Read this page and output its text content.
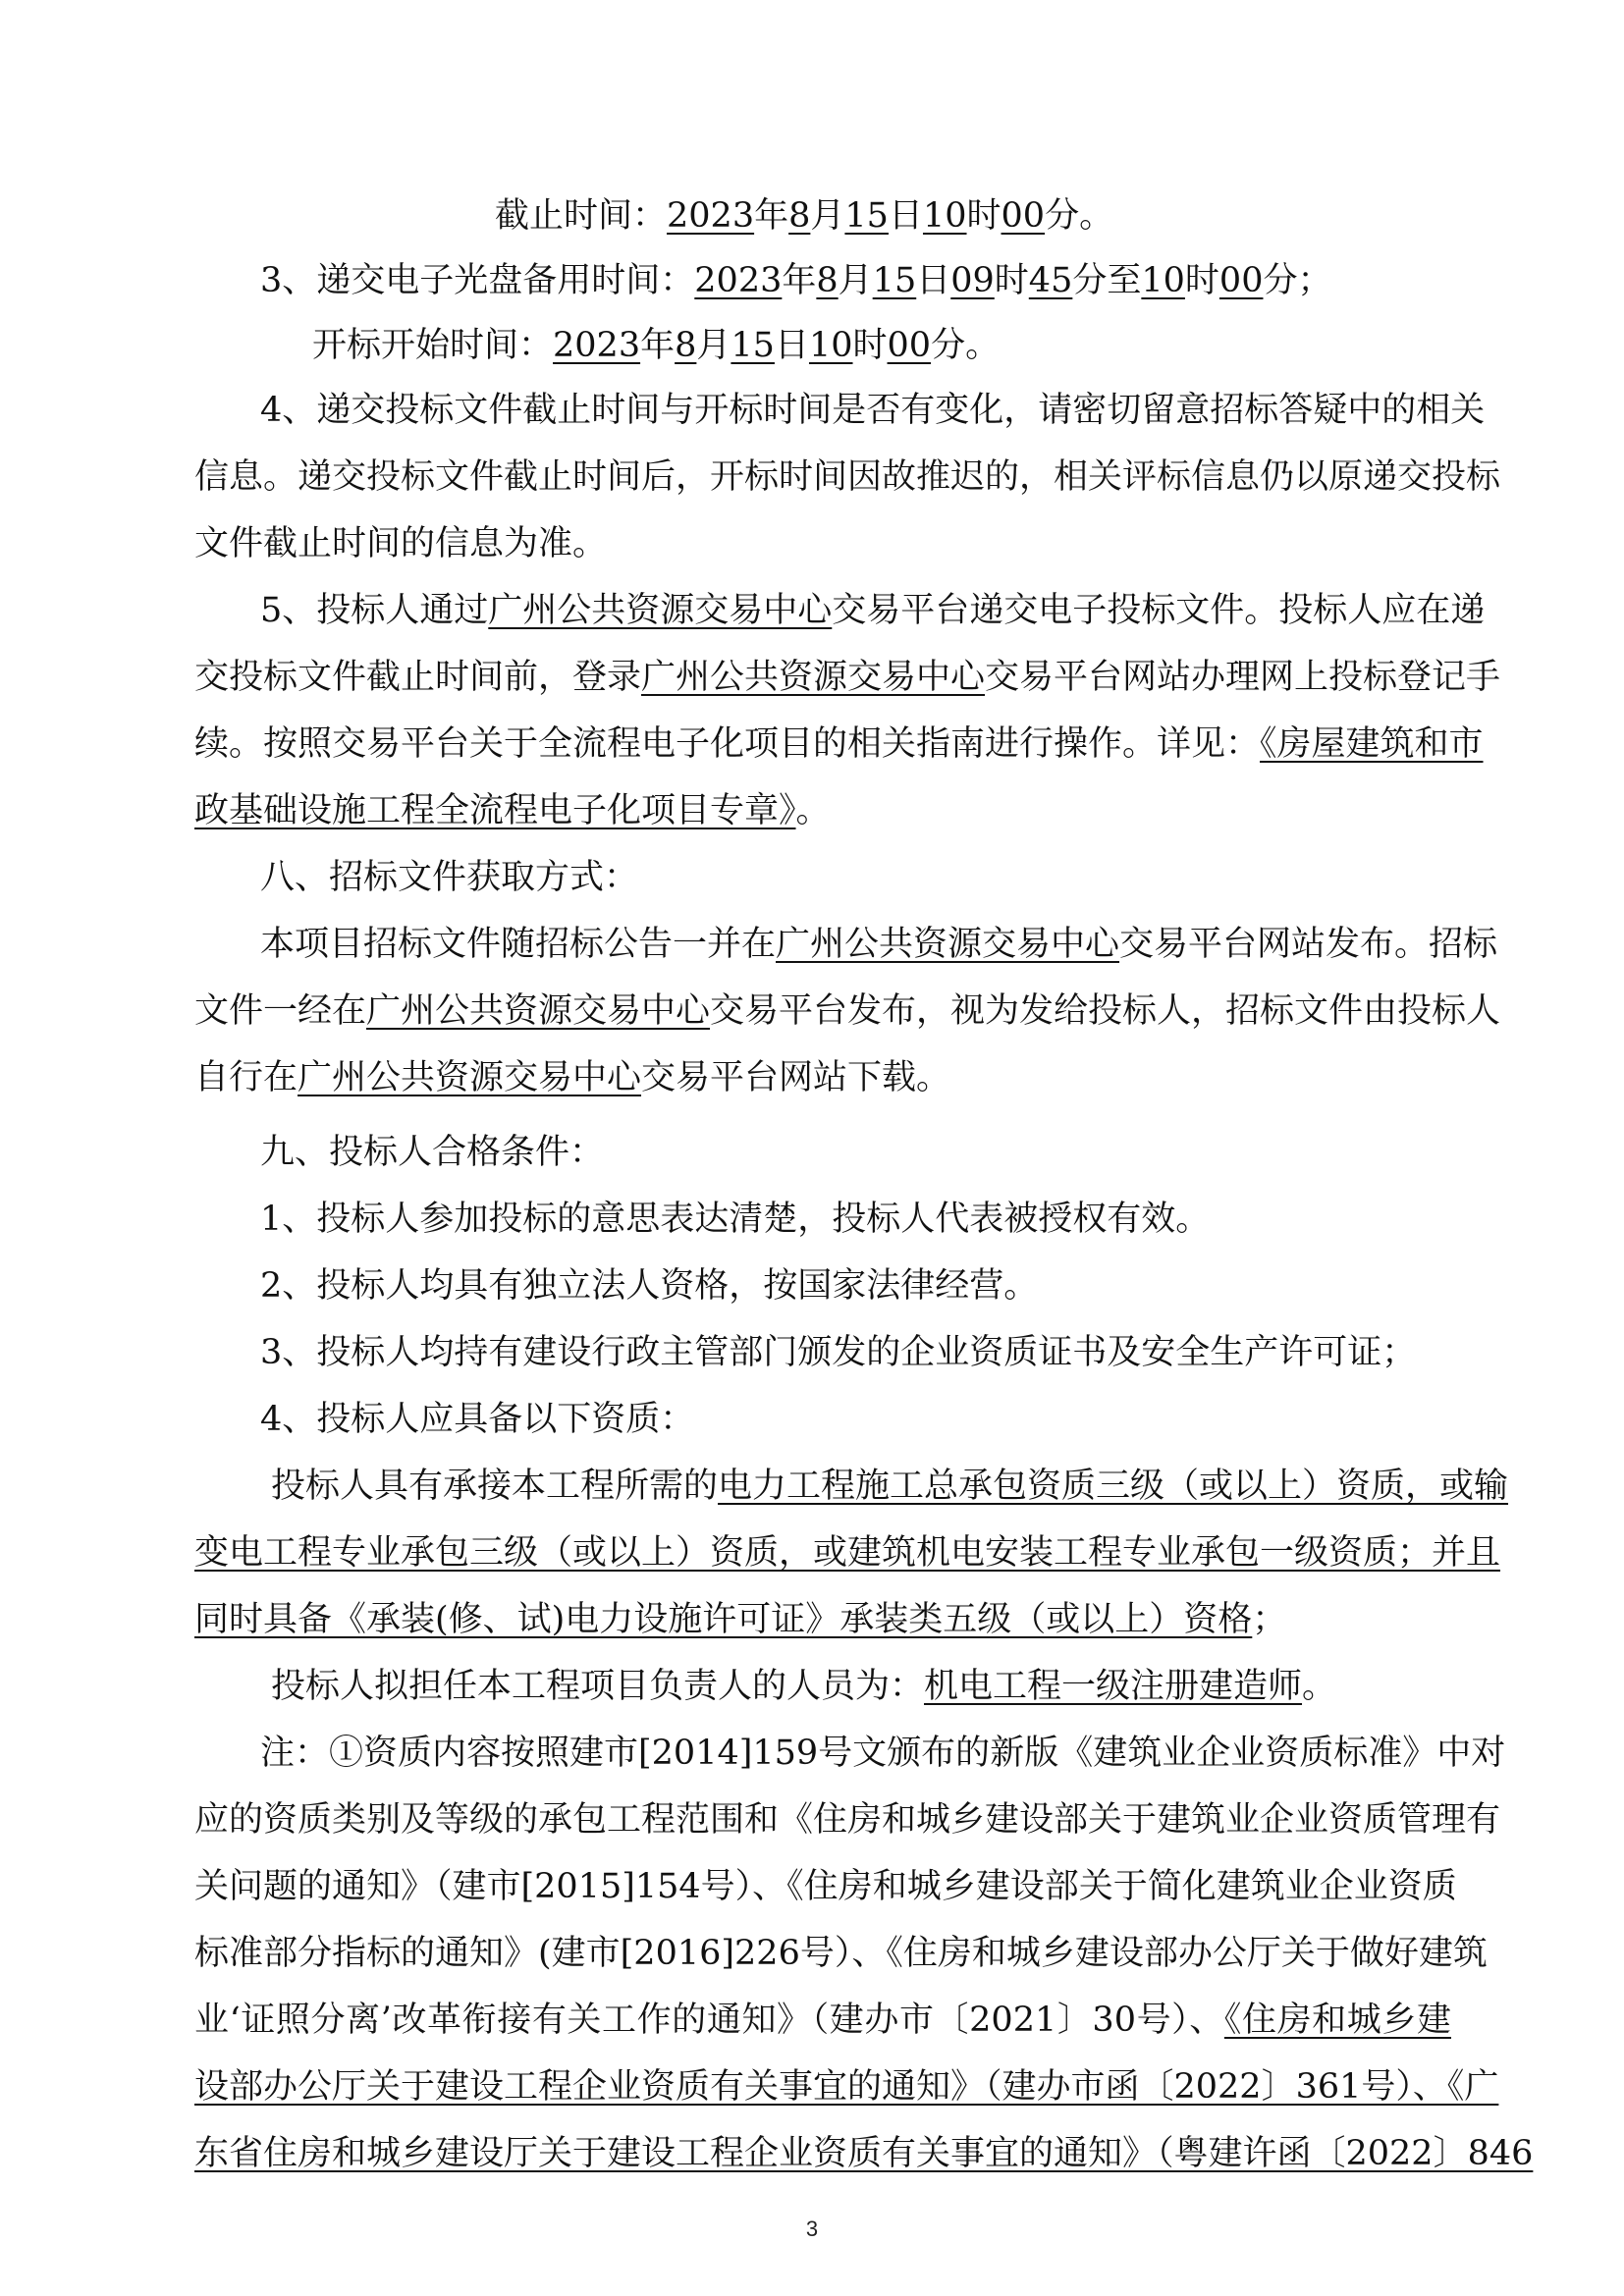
截止时间：2023年8月15日10时00分。
3、递交电子光盘备用时间：2023年8月15日09时45分至10时00分；
开标开始时间：2023年8月15日10时00分。
4、递交投标文件截止时间与开标时间是否有变化，请密切留意招标答疑中的相关
信息。递交投标文件截止时间后，开标时间因故推迟的，相关评标信息仍以原递交投标
文件截止时间的信息为准。
5、投标人通过广州公共资源交易中心交易平台递交电子投标文件。投标人应在递
交投标文件截止时间前，登录广州公共资源交易中心交易平台网站办理网上投标登记手
续。按照交易平台关于全流程电子化项目的相关指南进行操作。详见：《房屋建筑和市
政基础设施工程全流程电子化项目专章》。
八、招标文件获取方式：
本项目招标文件随招标公告一并在广州公共资源交易中心交易平台网站发布。招标
文件一经在广州公共资源交易中心交易平台发布，视为发给投标人，招标文件由投标人
自行在广州公共资源交易中心交易平台网站下载。
九、投标人合格条件：
1、投标人参加投标的意思表达清楚，投标人代表被授权有效。
2、投标人均具有独立法人资格，按国家法律经营。
3、投标人均持有建设行政主管部门颁发的企业资质证书及安全生产许可证；
4、投标人应具备以下资质：
投标人具有承接本工程所需的电力工程施工总承包资质三级（或以上）资质，或输
变电工程专业承包三级（或以上）资质，或建筑机电安装工程专业承包一级资质；并且
同时具备《承装(修、试)电力设施许可证》承装类五级（或以上）资格；
投标人拟担任本工程项目负责人的人员为：机电工程一级注册建造师。
注：①资质内容按照建市[2014]159号文颁布的新版《建筑业企业资质标准》中对
应的资质类别及等级的承包工程范围和《住房和城乡建设部关于建筑业企业资质管理有
关问题的通知》（建市[2015]154号）、《住房和城乡建设部关于简化建筑业企业资质
标准部分指标的通知》(建市[2016]226号）、《住房和城乡建设部办公厅关于做好建筑
业‘证照分离’改革衔接有关工作的通知》（建办市〔2021〕30号）、《住房和城乡建
设部办公厅关于建设工程企业资质有关事宜的通知》（建办市函〔2022〕361号）、《广
东省住房和城乡建设厅关于建设工程企业资质有关事宜的通知》（粤建许函〔2022〕846
3
